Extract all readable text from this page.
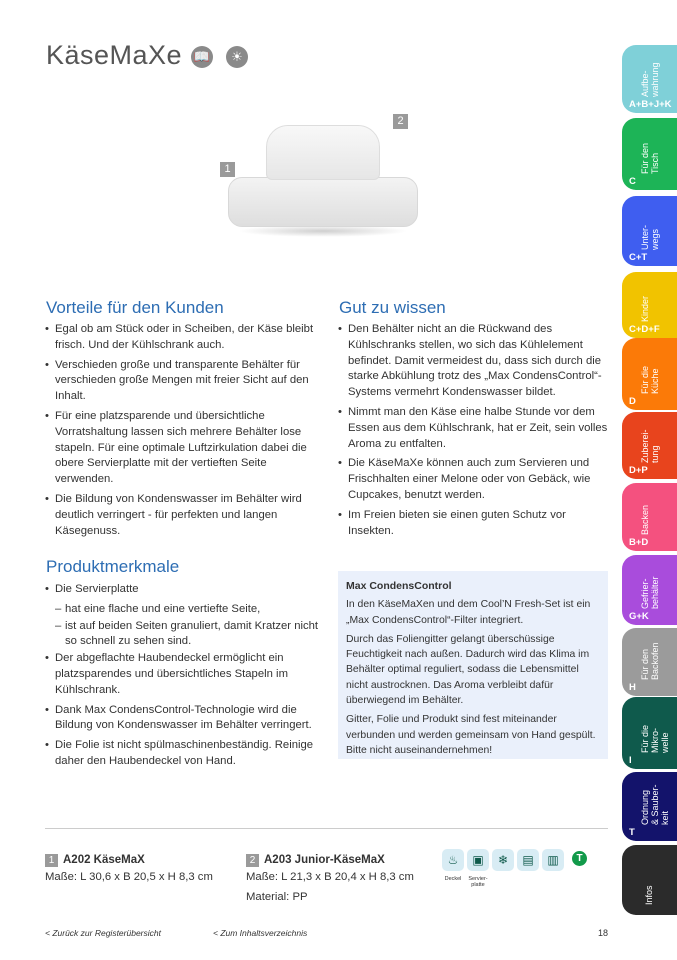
KäseMaXe 📖	☀
1
2
Vorteile für den Kunden
• Egal ob am Stück oder in Scheiben, der Käse bleibt frisch. Und der Kühlschrank auch.
• Verschieden große und transparente Behälter für verschieden große Mengen mit freier Sicht auf den Inhalt.
• Für eine platzsparende und übersichtliche Vorratshaltung lassen sich mehrere Behälter lose stapeln. Für eine optimale Luftzirkulation dabei die obere Servierplatte mit der vertieften Seite verwenden.
• Die Bildung von Kondenswasser im Behälter wird deutlich verringert - für perfekten und langen Käsegenuss.
Produktmerkmale
• Die Servierplatte
– hat eine flache und eine vertiefte Seite,
– ist auf beiden Seiten granuliert, damit Kratzer nicht so schnell zu sehen sind.
• Der abgeflachte Haubendeckel ermöglicht ein platzsparendes und übersichtliches Stapeln im Kühlschrank.
• Dank Max CondensControl-Technologie wird die Bildung von Kondenswasser im Behälter verringert.
• Die Folie ist nicht spülmaschinenbeständig. Reinige daher den Haubendeckel von Hand.
Gut zu wissen
• Den Behälter nicht an die Rückwand des Kühlschranks stellen, wo sich das Kühlelement befindet. Damit vermeidest du, dass sich durch die starke Abkühlung trotz des „Max CondensControl“-Systems vermehrt Kondenswasser bildet.
• Nimmt man den Käse eine halbe Stunde vor dem Essen aus dem Kühlschrank, hat er Zeit, sein volles Aroma zu entfalten.
• Die KäseMaXe können auch zum Servieren und Frischhalten einer Melone oder von Gebäck, wie Cupcakes, benutzt werden.
• Im Freien bieten sie einen guten Schutz vor Insekten.
Max CondensControl

In den KäseMaXen und dem Cool’N Fresh-Set ist ein „Max CondensControl“-Filter integriert.

Durch das Foliengitter gelangt überschüssige Feuchtigkeit nach außen. Dadurch wird das Klima im Behälter optimal reguliert, sodass die Lebensmittel nicht austrocknen. Das Aroma verbleibt dafür überwiegend im Behälter.

Gitter, Folie und Produkt sind fest miteinander verbunden und werden gemeinsam von Hand gespült. Bitte nicht auseinandernehmen!

1 A202 KäseMaX
Maße: L 30,6 x B 20,5 x H 8,3 cm
2 A203 Junior-KäseMaX
Maße: L 21,3 x B 20,4 x H 8,3 cm
Material: PP
♨	▣	❄	▤	▥
Deckel	Servier-platte
T
< Zurück zur Registerübersicht	< Zum Inhaltsverzeichnis	18
Aufbe-
wahrung
A+B+J+K
Für den
Tisch
C
Unter-
wegs
C+T
Kinder
C+D+F
Für die
Küche
D
Zuberei-
tung
D+P
Backen
B+D
Gefrier-
behälter
G+K
Für den
Backofen
H
Für die
Mikro-
welle
I
Ordnung
& Sauber-
keit
T
Infos
